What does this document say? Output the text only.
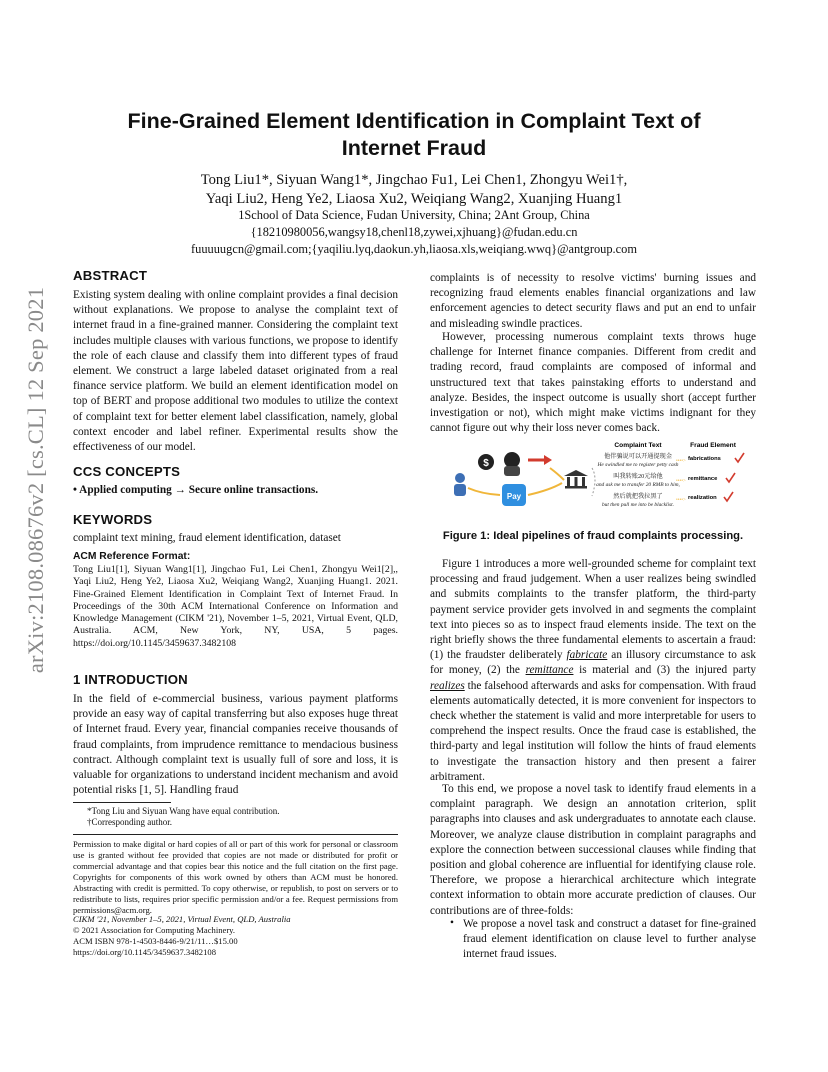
arXiv:2108.08676v2 [cs.CL] 12 Sep 2021
Fine-Grained Element Identification in Complaint Text of
Internet Fraud
Tong Liu1*, Siyuan Wang1*, Jingchao Fu1, Lei Chen1, Zhongyu Wei1†,
Yaqi Liu2, Heng Ye2, Liaosa Xu2, Weiqiang Wang2, Xuanjing Huang1
1School of Data Science, Fudan University, China; 2Ant Group, China
{18210980056,wangsy18,chenl18,zywei,xjhuang}@fudan.edu.cn
fuuuuugcn@gmail.com;{yaqiliu.lyq,daokun.yh,liaosa.xls,weiqiang.wwq}@antgroup.com
ABSTRACT

Existing system dealing with online complaint provides a final decision without explanations. We propose to analyse the complaint text of internet fraud in a fine-grained manner. Considering the complaint text includes multiple clauses with various functions, we propose to identify the role of each clause and classify them into different types of fraud element. We construct a large labeled dataset originated from a real finance service platform. We build an element identification model on top of BERT and propose additional two modules to utilize the context of complaint text for better element label classification, namely, global context encoder and label refiner. Experimental results show the effectiveness of our model.

CCS CONCEPTS

• Applied computing → Secure online transactions.

KEYWORDS

complaint text mining, fraud element identification, dataset

ACM Reference Format:

Tong Liu1[1], Siyuan Wang1[1], Jingchao Fu1, Lei Chen1, Zhongyu Wei1[2],, Yaqi Liu2, Heng Ye2, Liaosa Xu2, Weiqiang Wang2, Xuanjing Huang1. 2021. Fine-Grained Element Identification in Complaint Text of Internet Fraud. In Proceedings of the 30th ACM International Conference on Information and Knowledge Management (CIKM '21), November 1–5, 2021, Virtual Event, QLD, Australia. ACM, New York, NY, USA, 5 pages. https://doi.org/10.1145/3459637.3482108

1 INTRODUCTION

In the field of e-commercial business, various payment platforms provide an easy way of capital transferring but also exposes huge threat of Internet fraud. Every year, financial companies receive thousands of fraud complaints, from imprudence remittance to mendacious business contract. Although complaint text is usually full of sore and loss, it is valuable for organizations to understand incident mechanism and avoid potential risks [1, 5]. Handling fraud

*Tong Liu and Siyuan Wang have equal contribution.
†Corresponding author.

Permission to make digital or hard copies of all or part of this work for personal or classroom use is granted without fee provided that copies are not made or distributed for profit or commercial advantage and that copies bear this notice and the full citation on the first page. Copyrights for components of this work owned by others than ACM must be honored. Abstracting with credit is permitted. To copy otherwise, or republish, to post on servers or to redistribute to lists, requires prior specific permission and/or a fee. Request permissions from permissions@acm.org.

CIKM '21, November 1–5, 2021, Virtual Event, QLD, Australia
© 2021 Association for Computing Machinery.
ACM ISBN 978-1-4503-8446-9/21/11…$15.00
https://doi.org/10.1145/3459637.3482108

complaints is of necessity to resolve victims' burning issues and recognizing fraud elements enables financial organizations and law enforcement agencies to detect security flaws and put an end to unfair and misleading swindle practices.

However, processing numerous complaint texts throws huge challenge for Internet finance companies. Different from credit and trading record, fraud complaints are composed of informal and unstructured text that takes painstaking efforts to understand and analyze. Besides, the inspect outcome is usually short (accept further investigation or not), which might make victims indignant for they cannot figure out why their loss never comes back.

$
Pay
Complaint Text	Fraud Element
他伴骗说可以开通提现金
He swindled me to register petty cash
••••> fabrications
叫我转账20元给他
and ask me to transfer 20 RMB to him,
••••> remittance
然后就把我拉黑了
but then pull me into be blacklist.
••••> realization
Figure 1: Ideal pipelines of fraud complaints processing.

Figure 1 introduces a more well-grounded scheme for complaint text processing and fraud judgement. When a user realizes being swindled and submits complaints to the transfer platform, the third-party payment service provider gets involved in and segments the complaint text into pieces so as to inspect fraud elements inside. The text on the right briefly shows the three fundamental elements to ascertain a fraud: (1) the fraudster deliberately fabricate an illusory circumstance to ask for money, (2) the remittance is material and (3) the injured party realizes the falsehood afterwards and asks for compensation. With fraud elements automatically detected, it is more convenient for inspectors to check whether the statement is valid and more interpretable for users to comprehend the inspect results. Once the fraud case is established, the third-party and legal institution will follow the hints of fraud elements to investigate the transaction history and then present a fairer arbitrament.

To this end, we propose a novel task to identify fraud elements in a complaint paragraph. We design an annotation criterion, split paragraphs into clauses and ask undergraduates to annotate each clause. Moreover, we analyze clause distribution in complaint paragraphs and explore the connection between successional clauses while finding that position and global coherence are influential for identifying clause role. Therefore, we propose a hierarchical architecture which integrate context information to obtain more accurate prediction of clauses. Our contributions are of three-folds:

• We propose a novel task and construct a dataset for fine-grained fraud element identification on clause level to further analyse internet fraud issues.
